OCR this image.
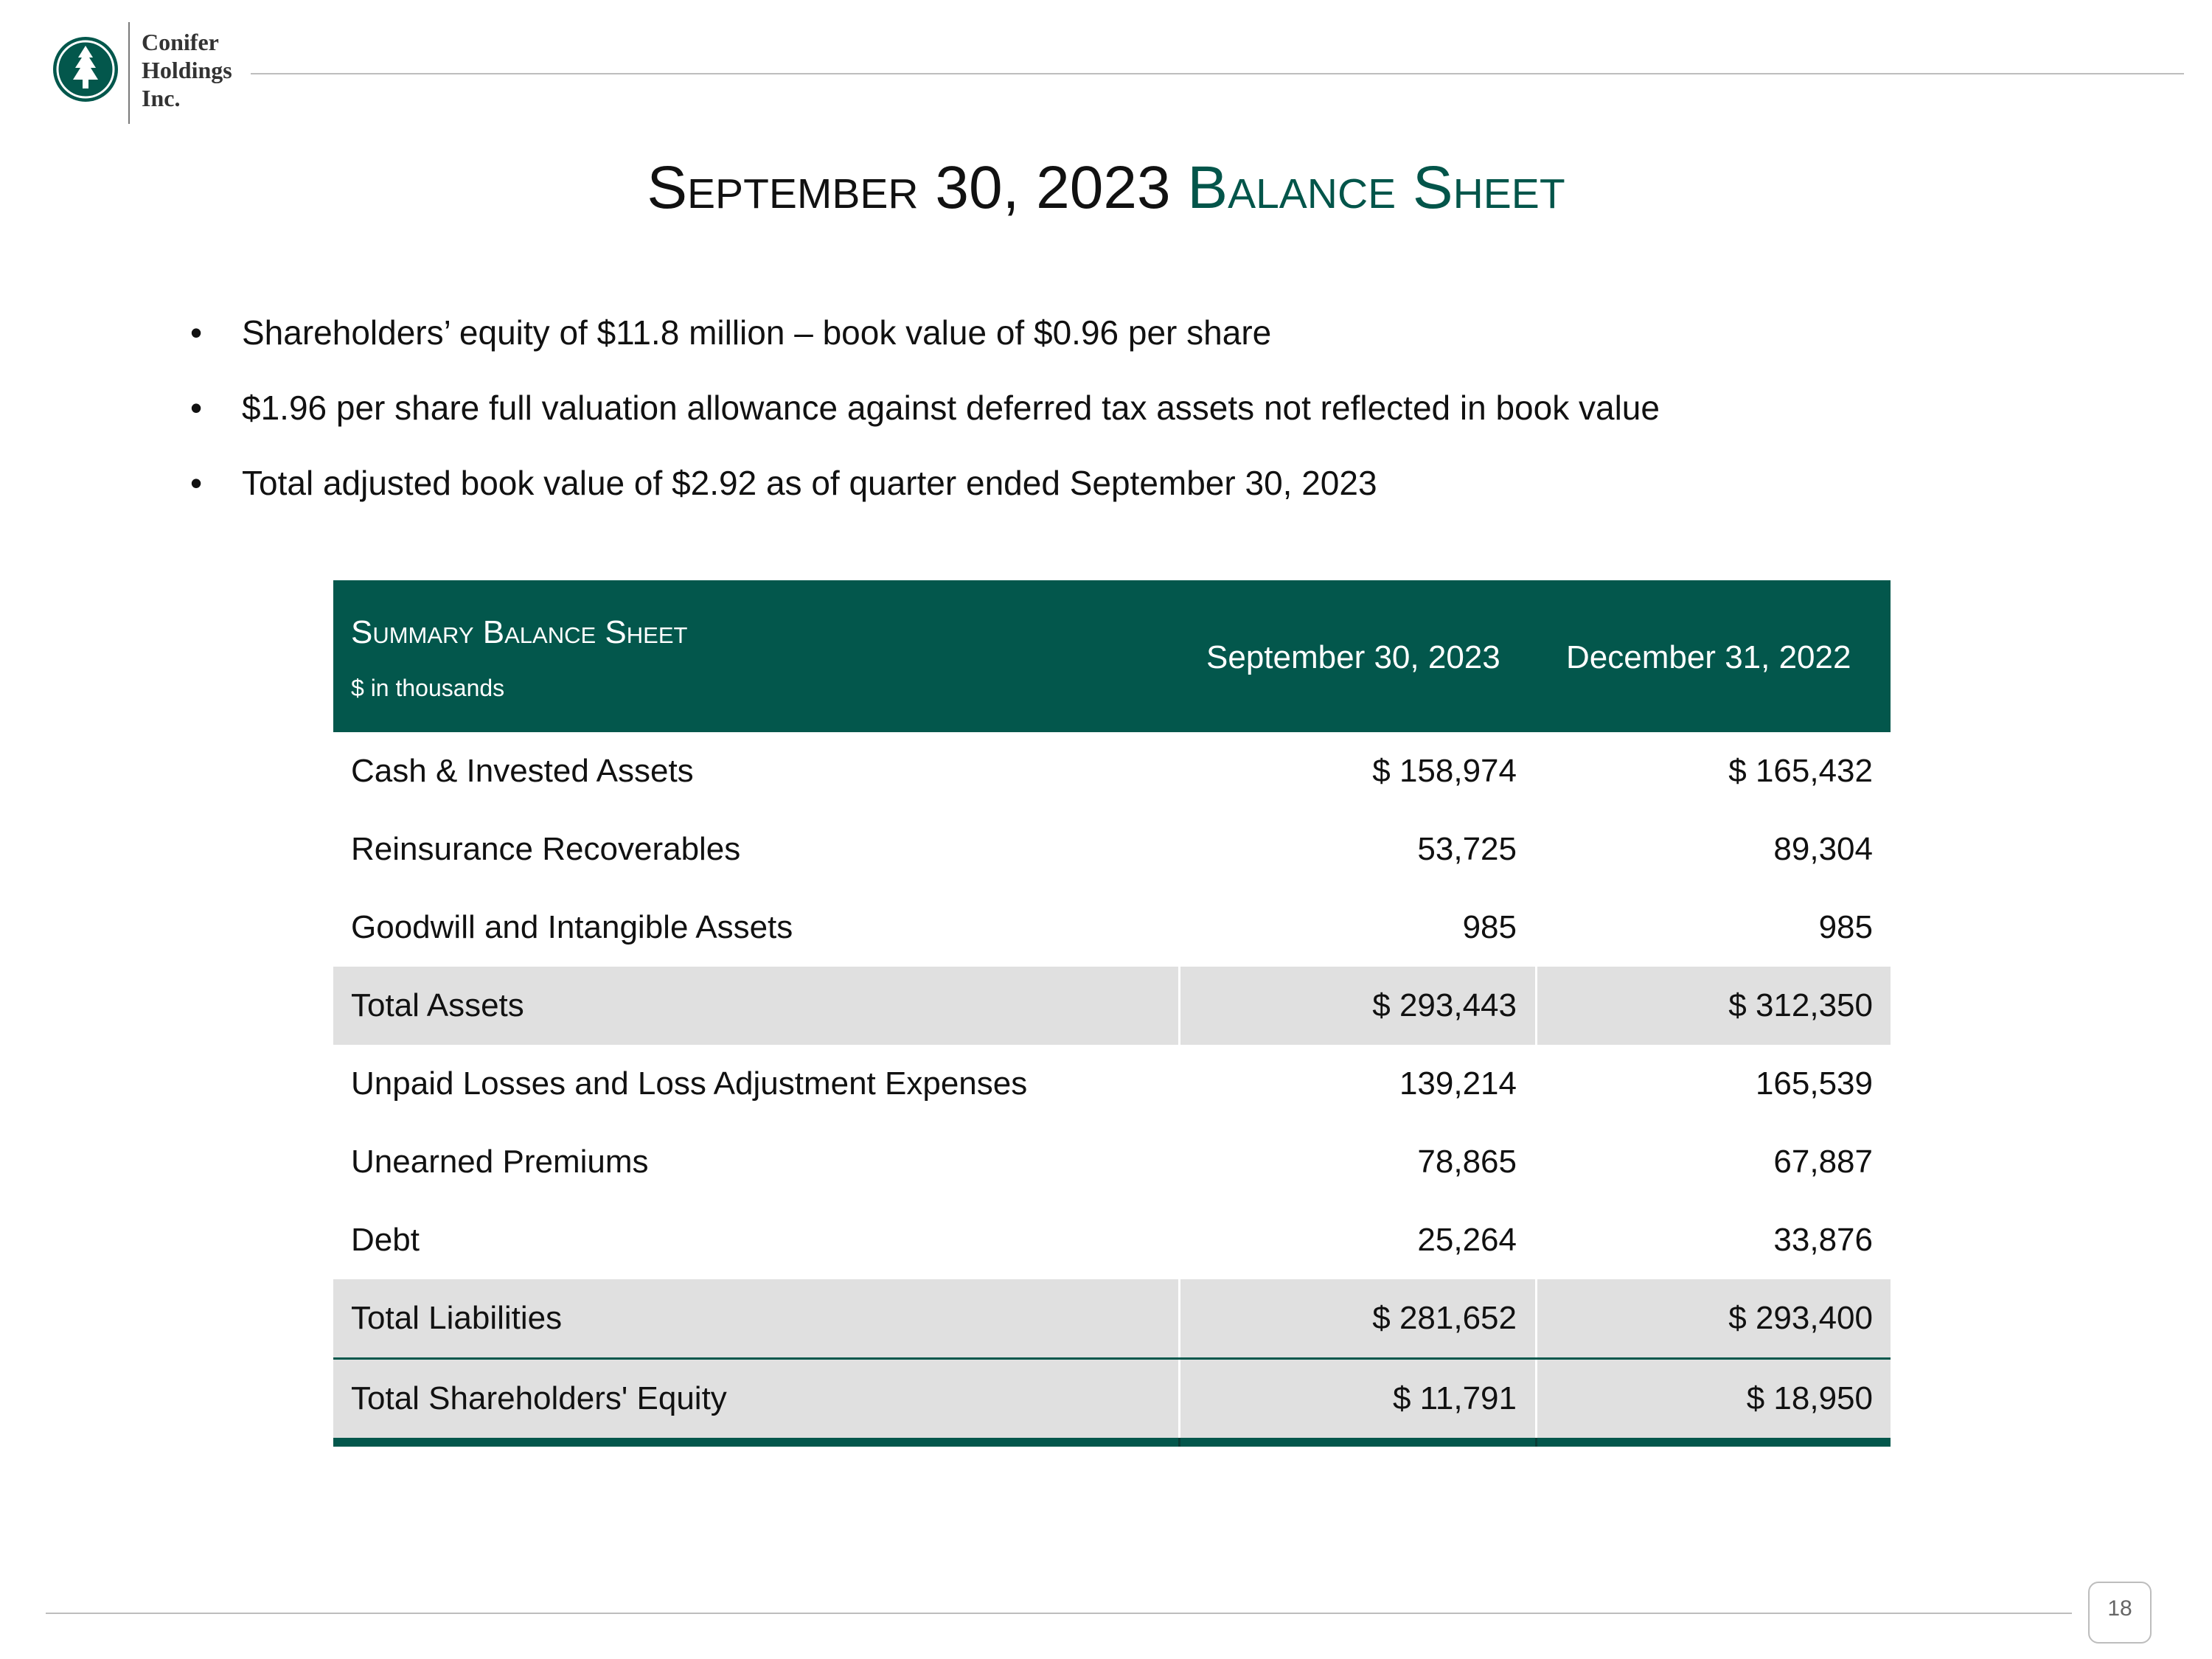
Conifer
Holdings
Inc.
September 30, 2023 Balance Sheet
• Shareholders’ equity of $11.8 million – book value of $0.96 per share
• $1.96 per share full valuation allowance against deferred tax assets not reflected in book value
• Total adjusted book value of $2.92 as of quarter ended September 30, 2023
Summary Balance Sheet
$ in thousands
September 30, 2023 December 31, 2022
Cash & Invested Assets	$ 158,974	$ 165,432
Reinsurance Recoverables	53,725	89,304
Goodwill and Intangible Assets	985	985
Total Assets	$ 293,443	$ 312,350
Unpaid Losses and Loss Adjustment Expenses	139,214	165,539
Unearned Premiums	78,865	67,887
Debt	25,264	33,876
Total Liabilities	$ 281,652	$ 293,400
Total Shareholders' Equity	$ 11,791	$ 18,950
18
